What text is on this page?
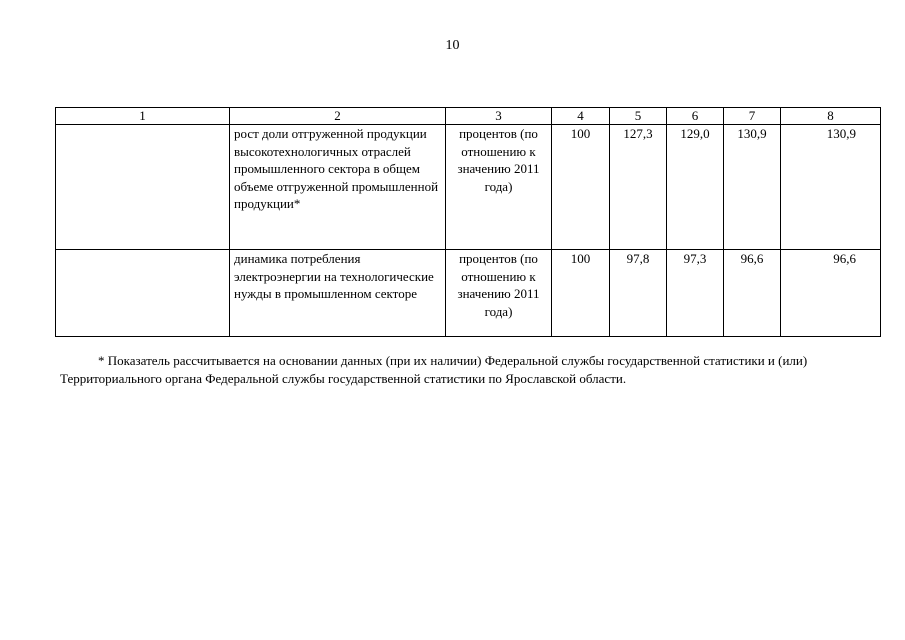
10
1	2	3	4	5	6	7	8
	рост доли отгруженной продукции высокотехнологичных отраслей промышленного сектора в общем объеме отгруженной промышленной продукции*	процентов (по отношению к значению 2011 года)	100	127,3	129,0	130,9	130,9
	динамика потребления электроэнергии на технологические нужды в промышленном секторе	процентов (по отношению к значению 2011 года)	100	97,8	97,3	96,6	96,6

* Показатель рассчитывается на основании данных (при их наличии) Федеральной службы государственной статистики и (или) Территориального органа Федеральной службы государственной статистики по Ярославской области.
